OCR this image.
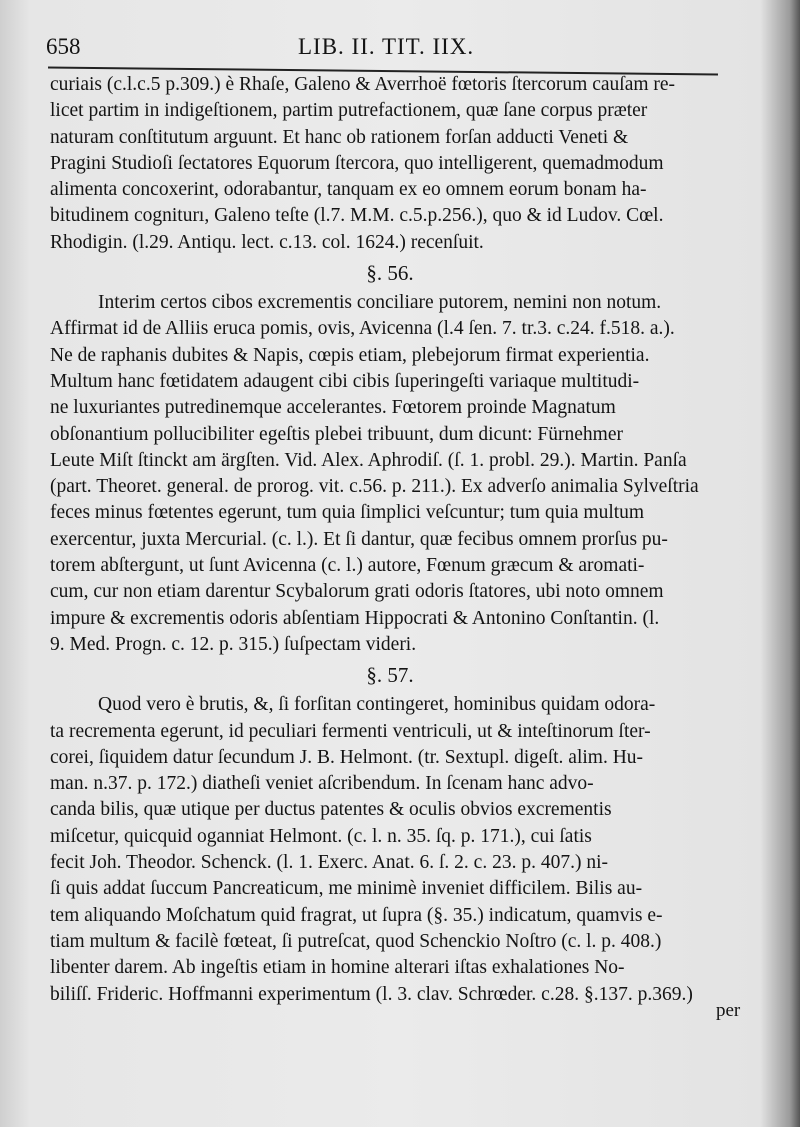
658	LIB. II. TIT. IIX.
curiais (c.l.c.5 p.309.) è Rhaſe, Galeno & Averrhoë fœtoris ſtercorum cauſam re-
licet partim in indigeſtionem, partim putrefactionem, quæ ſane corpus præter
naturam conſtitutum arguunt. Et hanc ob rationem forſan adducti Veneti &
Pragini Studioſi ſectatores Equorum ſtercora, quo intelligerent, quemadmodum
alimenta concoxerint, odorabantur, tanquam ex eo omnem eorum bonam ha-
bitudinem cogniturı, Galeno teſte (l.7. M.M. c.5.p.256.), quo & id Ludov. Cœl.
Rhodigin. (l.29. Antiqu. lect. c.13. col. 1624.) recenſuit.
§. 56.
Interim certos cibos excrementis conciliare putorem, nemini non notum.
Affirmat id de Alliis eruca pomis, ovis, Avicenna (l.4 ſen. 7. tr.3. c.24. f.518. a.).
Ne de raphanis dubites & Napis, cœpis etiam, plebejorum firmat experientia.
Multum hanc fœtidatem adaugent cibi cibis ſuperingeſti variaque multitudi-
ne luxuriantes putredinemque accelerantes. Fœtorem proinde Magnatum
obſonantium pollucibiliter egeſtis plebei tribuunt, dum dicunt: Fürnehmer
Leute Miſt ſtinckt am ärgſten. Vid. Alex. Aphrodiſ. (ſ. 1. probl. 29.). Martin. Panſa
(part. Theoret. general. de prorog. vit. c.56. p. 211.). Ex adverſo animalia Sylveſtria
feces minus fœtentes egerunt, tum quia ſimplici veſcuntur; tum quia multum
exercentur, juxta Mercurial. (c. l.). Et ſi dantur, quæ fecibus omnem prorſus pu-
torem abſtergunt, ut ſunt Avicenna (c. l.) autore, Fœnum græcum & aromati-
cum, cur non etiam darentur Scybalorum grati odoris ſtatores, ubi noto omnem
impure & excrementis odoris abſentiam Hippocrati & Antonino Conſtantin. (l.
9. Med. Progn. c. 12. p. 315.) ſuſpectam videri.
§. 57.
Quod vero è brutis, &, ſi forſitan contingeret, hominibus quidam odora-
ta recrementa egerunt, id peculiari fermenti ventriculi, ut & inteſtinorum ſter-
corei, ſiquidem datur ſecundum J. B. Helmont. (tr. Sextupl. digeſt. alim. Hu-
man. n.37. p. 172.) diatheſi veniet aſcribendum. In ſcenam hanc advo-
canda bilis, quæ utique per ductus patentes & oculis obvios excrementis
miſcetur, quicquid oganniat Helmont. (c. l. n. 35. ſq. p. 171.), cui ſatis
fecit Joh. Theodor. Schenck. (l. 1. Exerc. Anat. 6. ſ. 2. c. 23. p. 407.) ni-
ſi quis addat ſuccum Pancreaticum, me minimè inveniet difficilem. Bilis au-
tem aliquando Moſchatum quid fragrat, ut ſupra (§. 35.) indicatum, quamvis e-
tiam multum & facilè fœteat, ſi putreſcat, quod Schenckio Noſtro (c. l. p. 408.)
libenter darem. Ab ingeſtis etiam in homine alterari iſtas exhalationes No-
biliſſ. Frideric. Hoffmanni experimentum (l. 3. clav. Schrœder. c.28. §.137. p.369.)
per
